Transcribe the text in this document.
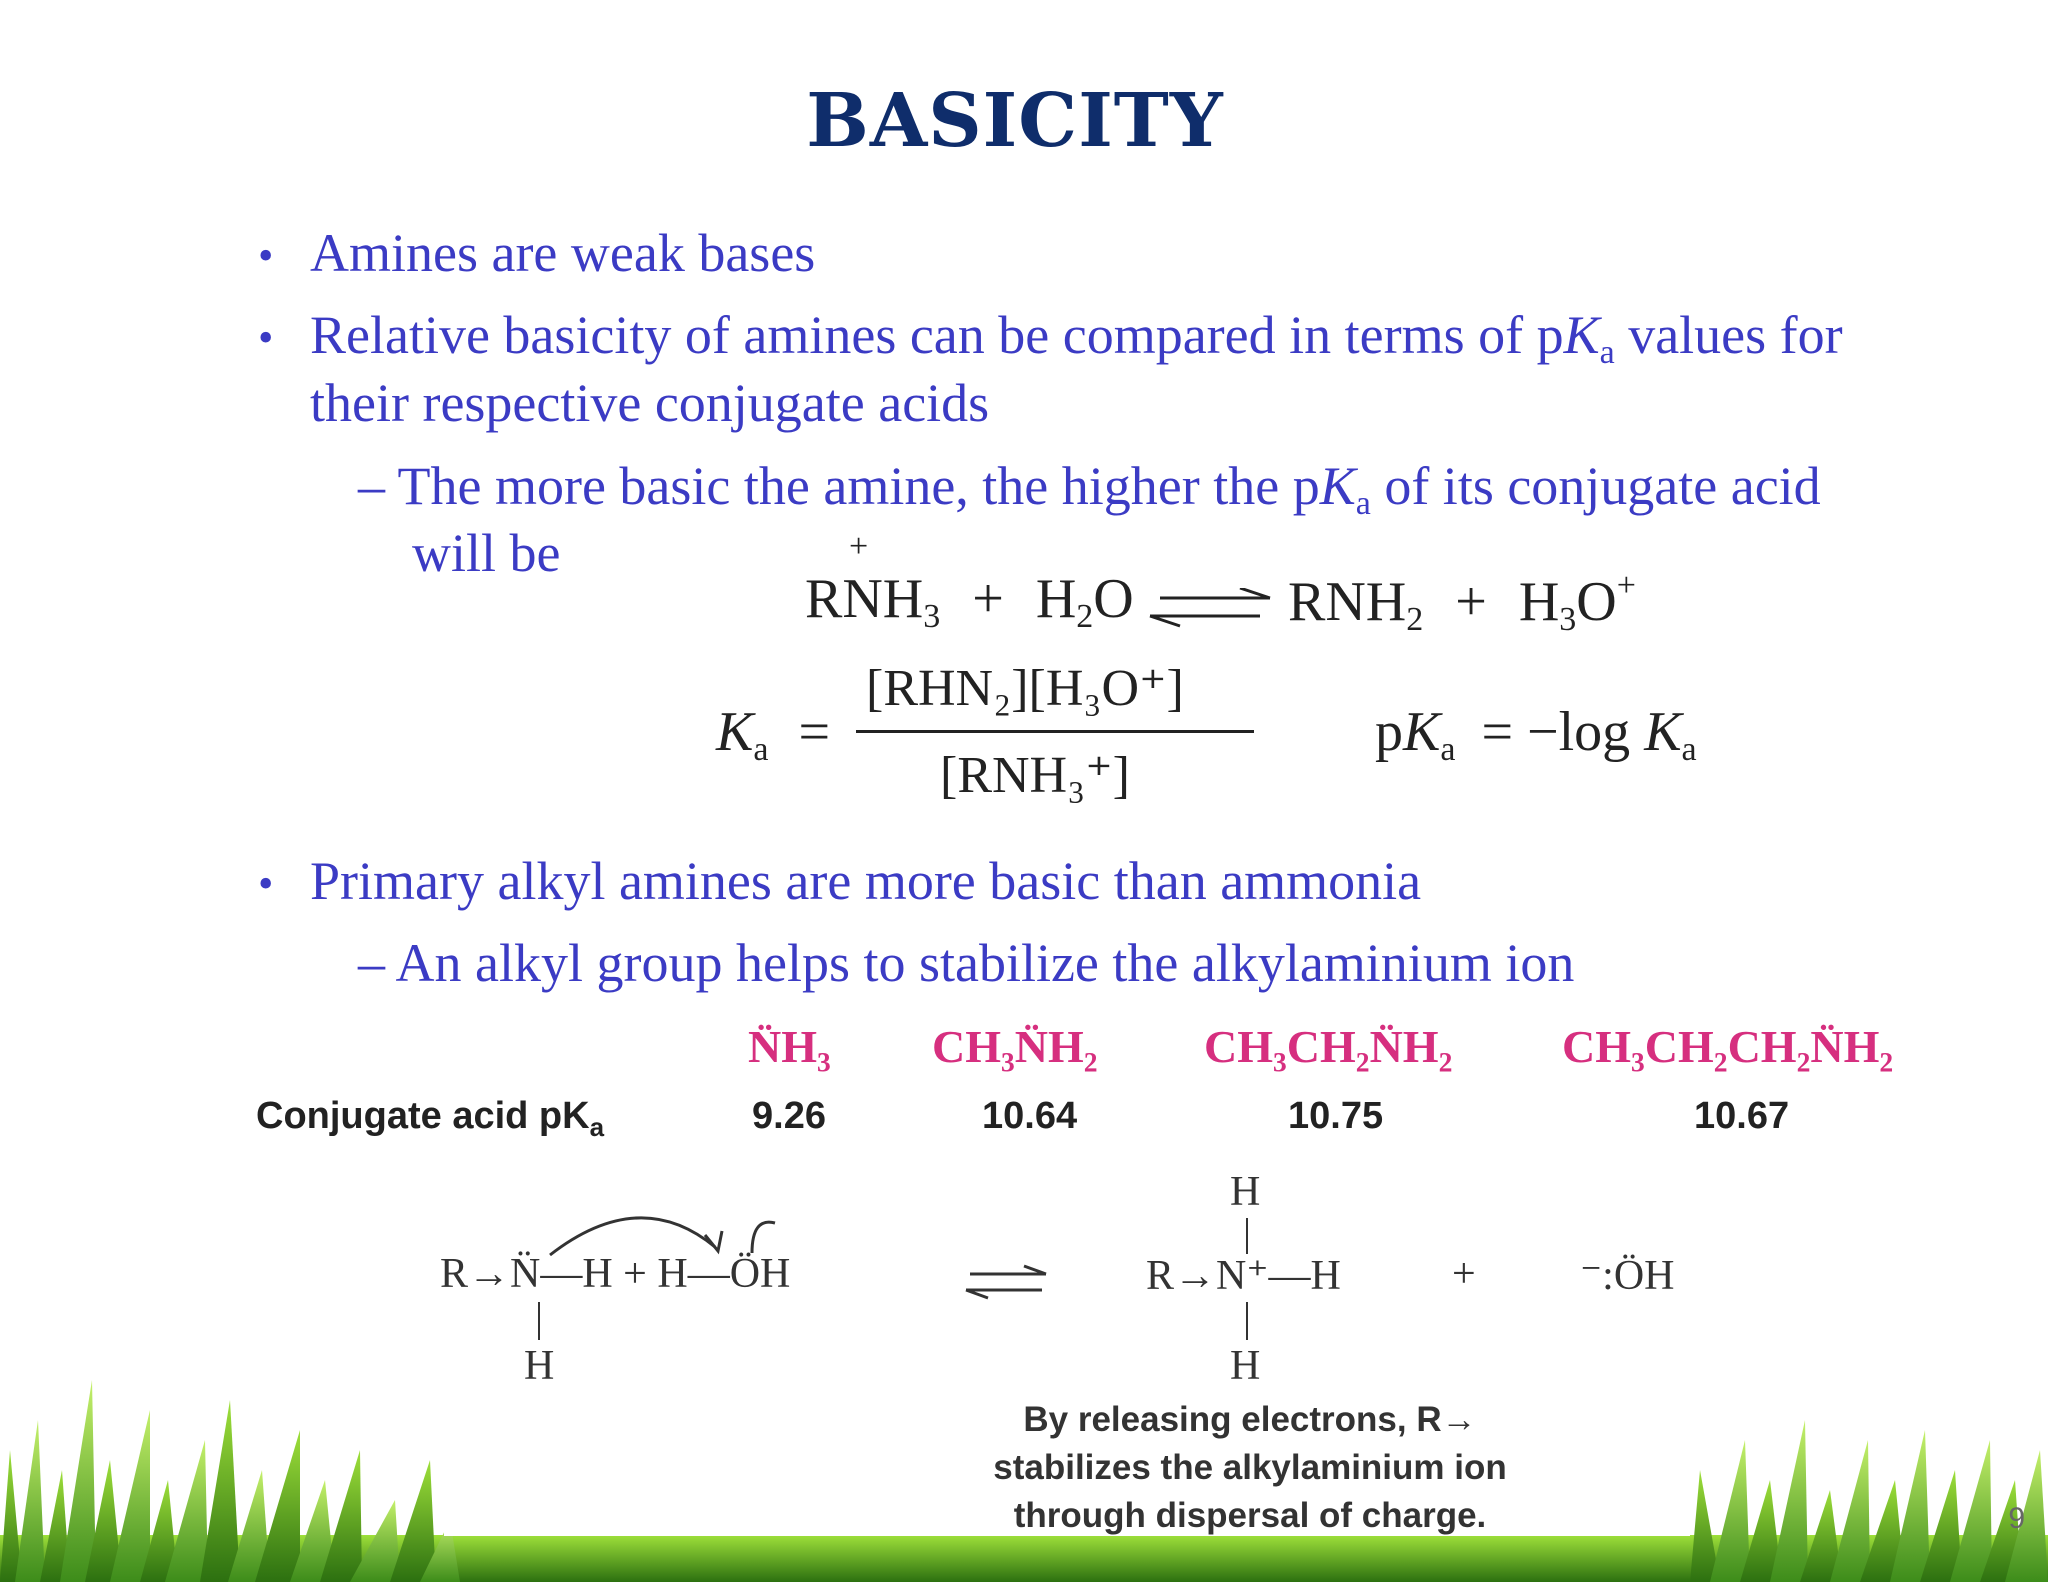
BASICITY
• Amines are weak bases
• Relative basicity of amines can be compared in terms of $pK_a$ values for
their respective conjugate acids
– The more basic the amine, the higher the $pK_a$ of its conjugate acid
will be
$RNH_3$
+
+ $H_2O$	$RNH_2 + H_3O^+$
$K_a$ =
[RHN₂][H₃O⁺]
[RNH₃⁺]
$pK_a = -\log$ $K_a$
• Primary alkyl amines are more basic than ammonia
– An alkyl group helps to stabilize the alkylaminium ion
N̈H₃ CH₃N̈H₂ CH₃CH₂N̈H₂ CH₃CH₂CH₂N̈H₂
Conjugate acid $pK_a$	9.26	10.64	10.75	10.67
R→N̈—H + H—ÖH
H
H
R→N⁺—H
H
+ ⁻:ÖH
By releasing electrons, R→
stabilizes the alkylaminium ion
through dispersal of charge.	9
